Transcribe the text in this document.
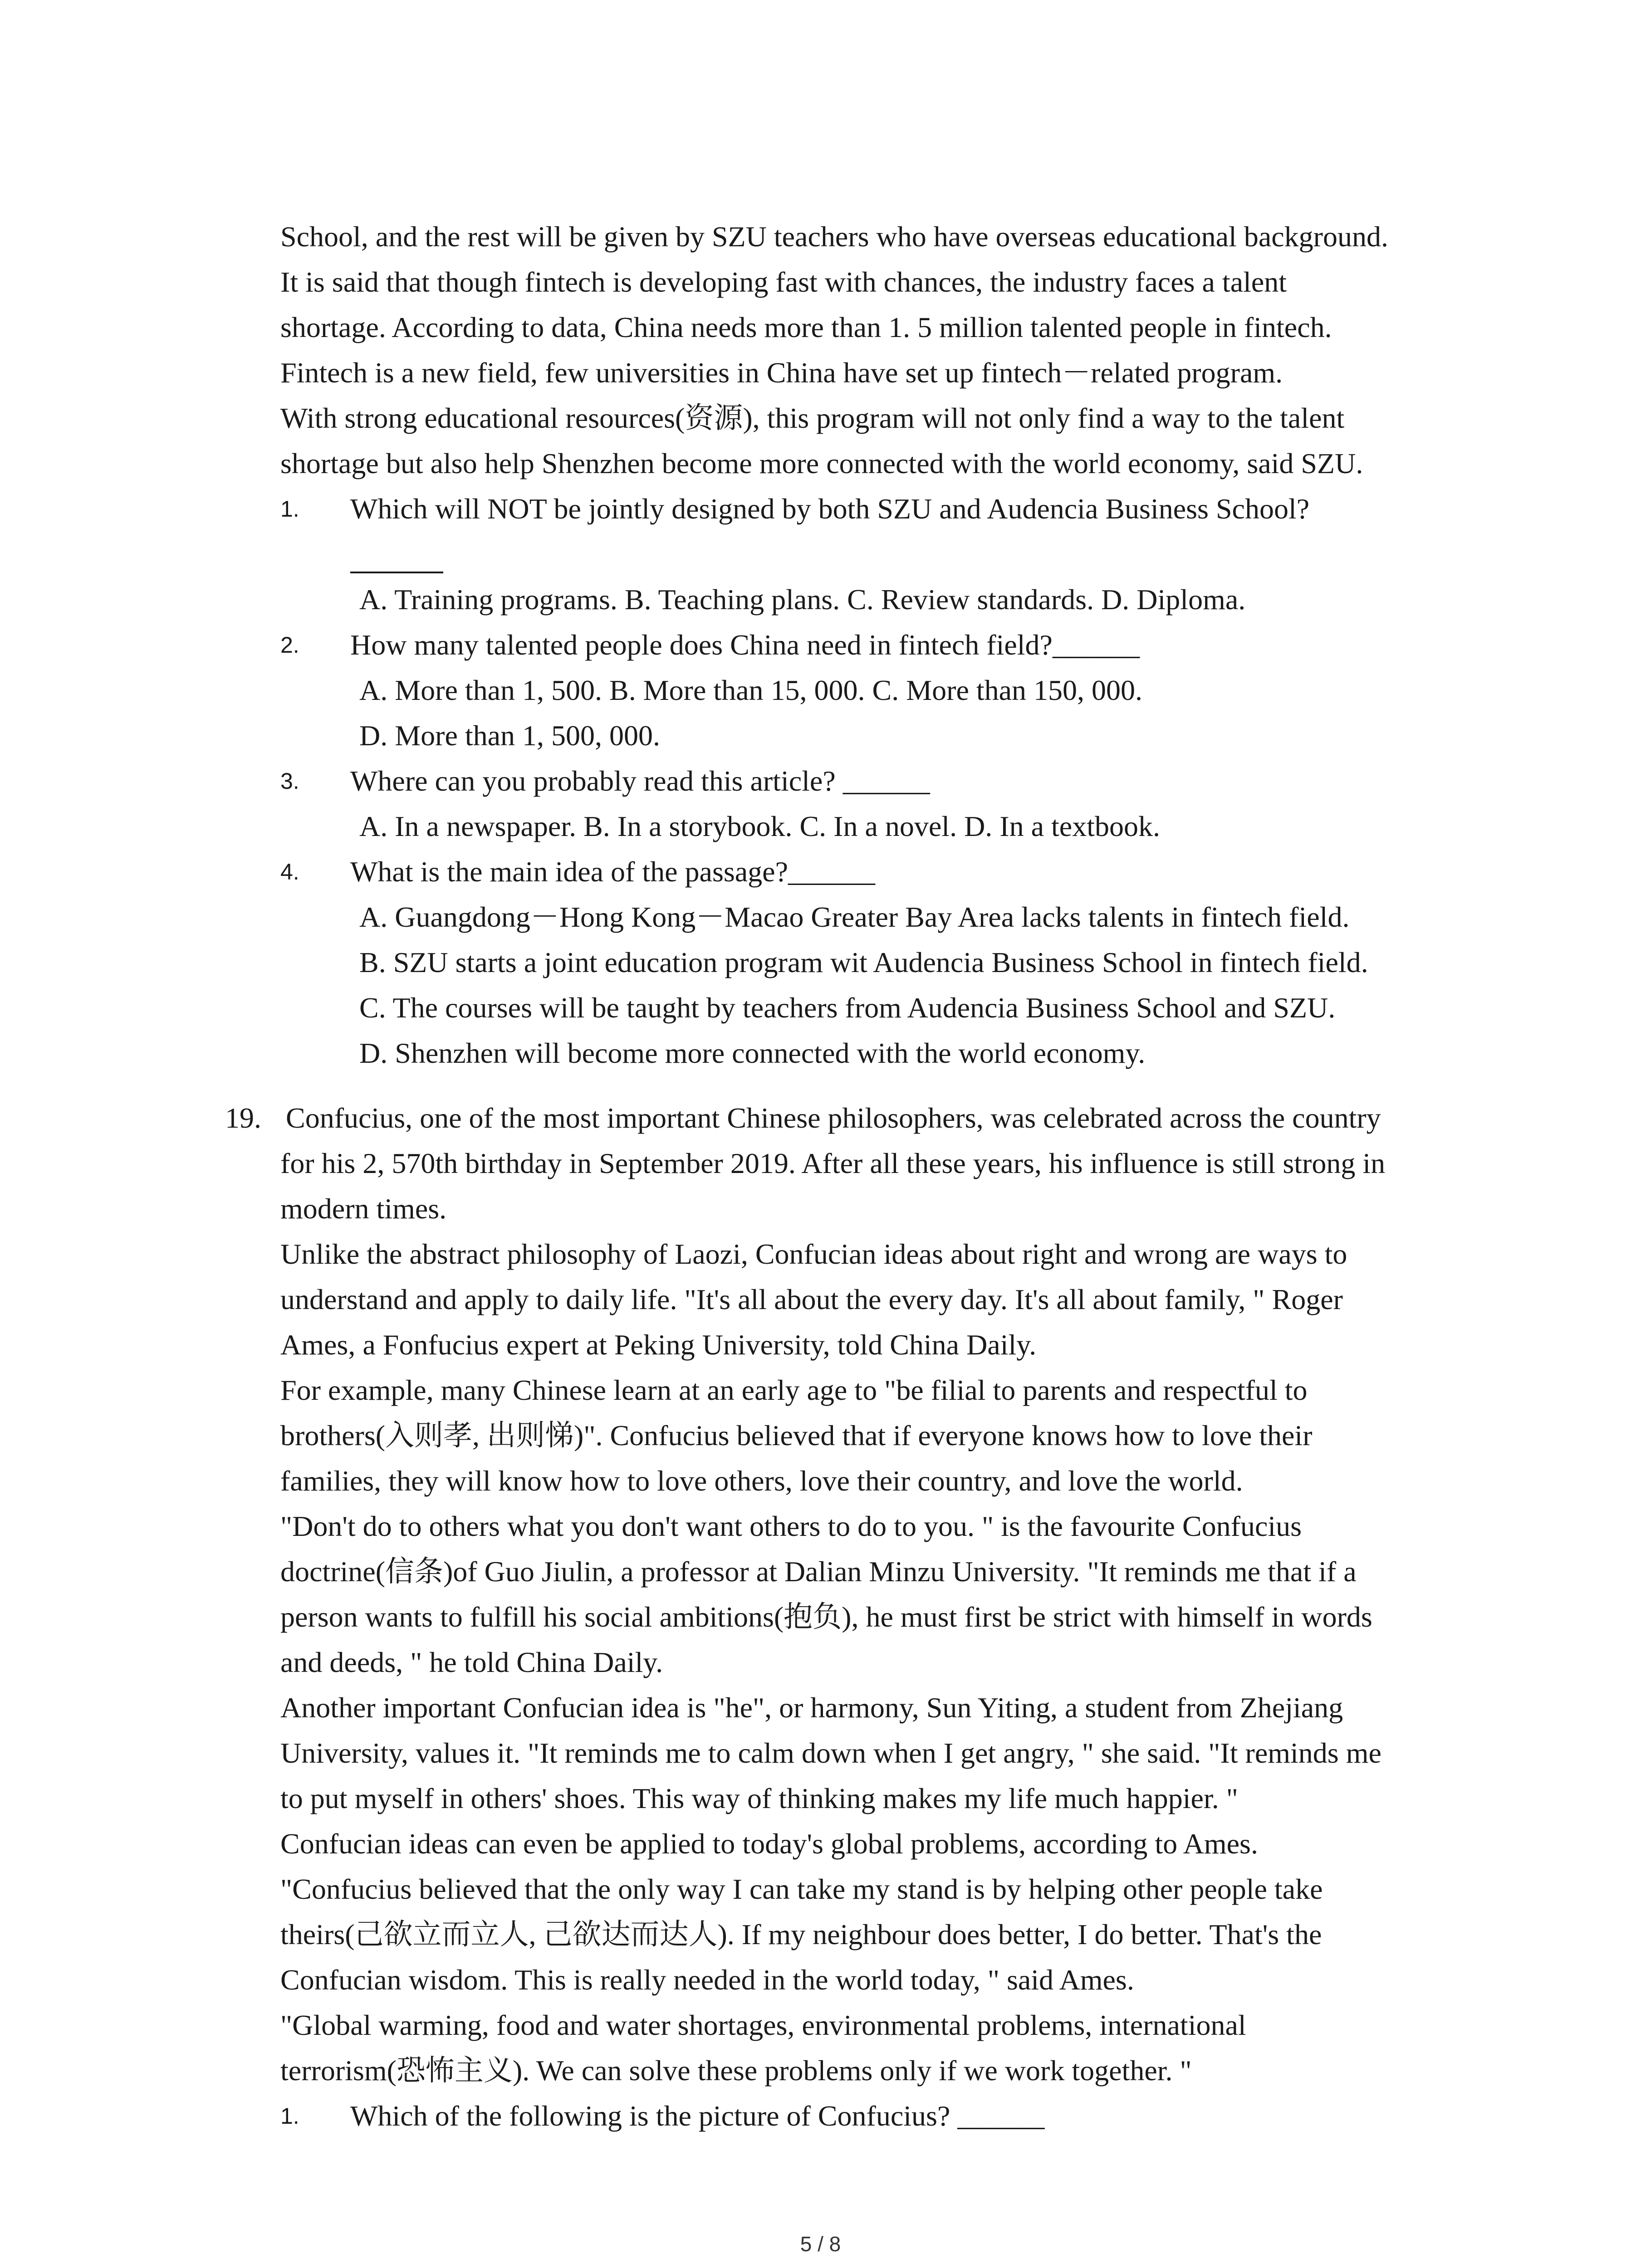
School, and the rest will be given by SZU teachers who have overseas educational background.
It is said that though fintech is developing fast with chances, the industry faces a talent
shortage. According to data, China needs more than 1. 5 million talented people in fintech.
Fintech is a new field, few universities in China have set up fintech－related program.
With strong educational resources(资源), this program will not only find a way to the talent
shortage but also help Shenzhen become more connected with the world economy, said SZU.
1. Which will NOT be jointly designed by both SZU and Audencia Business School?
A. Training programs. B. Teaching plans. C. Review standards. D. Diploma.
2. How many talented people does China need in fintech field?______
A. More than 1, 500. B. More than 15, 000. C. More than 150, 000.
D. More than 1, 500, 000.
3. Where can you probably read this article? ______
A. In a newspaper. B. In a storybook. C. In a novel. D. In a textbook.
4. What is the main idea of the passage?______
A. Guangdong－Hong Kong－Macao Greater Bay Area lacks talents in fintech field.
B. SZU starts a joint education program wit Audencia Business School in fintech field.
C. The courses will be taught by teachers from Audencia Business School and SZU.
D. Shenzhen will become more connected with the world economy.
19. Confucius, one of the most important Chinese philosophers, was celebrated across the country
for his 2, 570th birthday in September 2019. After all these years, his influence is still strong in
modern times.
Unlike the abstract philosophy of Laozi, Confucian ideas about right and wrong are ways to
understand and apply to daily life. "It's all about the every day. It's all about family, " Roger
Ames, a Fonfucius expert at Peking University, told China Daily.
For example, many Chinese learn at an early age to "be filial to parents and respectful to
brothers(入则孝, 出则悌)". Confucius believed that if everyone knows how to love their
families, they will know how to love others, love their country, and love the world.
"Don't do to others what you don't want others to do to you. " is the favourite Confucius
doctrine(信条)of Guo Jiulin, a professor at Dalian Minzu University. "It reminds me that if a
person wants to fulfill his social ambitions(抱负), he must first be strict with himself in words
and deeds, " he told China Daily.
Another important Confucian idea is "he", or harmony, Sun Yiting, a student from Zhejiang
University, values it. "It reminds me to calm down when I get angry, " she said. "It reminds me
to put myself in others' shoes. This way of thinking makes my life much happier. "
Confucian ideas can even be applied to today's global problems, according to Ames.
"Confucius believed that the only way I can take my stand is by helping other people take
theirs(己欲立而立人, 己欲达而达人). If my neighbour does better, I do better. That's the
Confucian wisdom. This is really needed in the world today, " said Ames.
"Global warming, food and water shortages, environmental problems, international
terrorism(恐怖主义). We can solve these problems only if we work together. "
1. Which of the following is the picture of Confucius? ______
5 / 8
